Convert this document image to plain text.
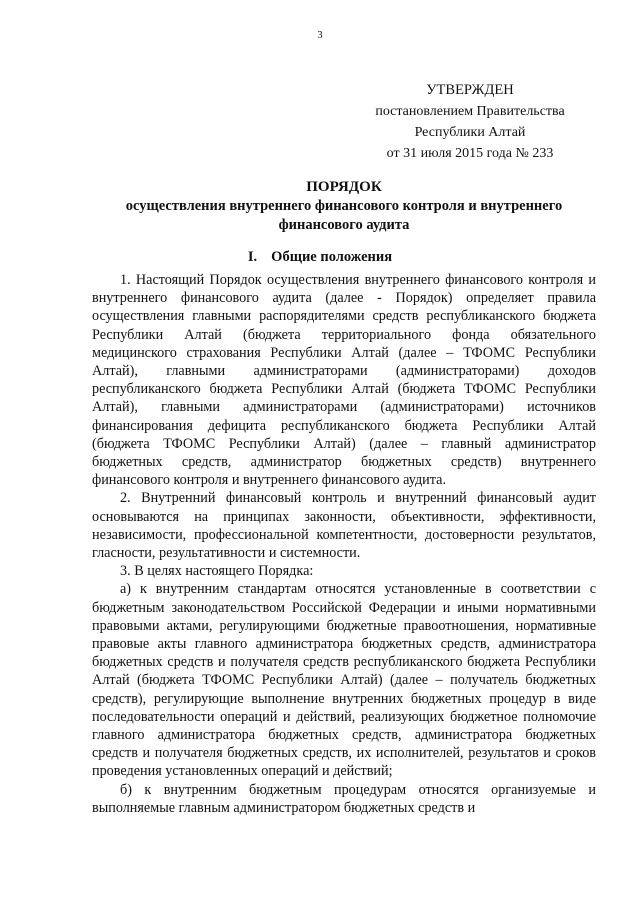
3
УТВЕРЖДЕН
постановлением Правительства
Республики Алтай
от 31 июля 2015 года № 233
ПОРЯДОК
осуществления внутреннего финансового контроля и внутреннего финансового аудита
I. Общие положения

1. Настоящий Порядок осуществления внутреннего финансового контроля и внутреннего финансового аудита (далее - Порядок) определяет правила осуществления главными распорядителями средств республиканского бюджета Республики Алтай (бюджета территориального фонда обязательного медицинского страхования Республики Алтай (далее – ТФОМС Республики Алтай), главными администраторами (администраторами) доходов республиканского бюджета Республики Алтай (бюджета ТФОМС Республики Алтай), главными администраторами (администраторами) источников финансирования дефицита республиканского бюджета Республики Алтай (бюджета ТФОМС Республики Алтай) (далее – главный администратор бюджетных средств, администратор бюджетных средств) внутреннего финансового контроля и внутреннего финансового аудита.

2. Внутренний финансовый контроль и внутренний финансовый аудит основываются на принципах законности, объективности, эффективности, независимости, профессиональной компетентности, достоверности результатов, гласности, результативности и системности.

3. В целях настоящего Порядка:

а) к внутренним стандартам относятся установленные в соответствии с бюджетным законодательством Российской Федерации и иными нормативными правовыми актами, регулирующими бюджетные правоотношения, нормативные правовые акты главного администратора бюджетных средств, администратора бюджетных средств и получателя средств республиканского бюджета Республики Алтай (бюджета ТФОМС Республики Алтай) (далее – получатель бюджетных средств), регулирующие выполнение внутренних бюджетных процедур в виде последовательности операций и действий, реализующих бюджетное полномочие главного администратора бюджетных средств, администратора бюджетных средств и получателя бюджетных средств, их исполнителей, результатов и сроков проведения установленных операций и действий;

б) к внутренним бюджетным процедурам относятся организуемые и выполняемые главным администратором бюджетных средств и
